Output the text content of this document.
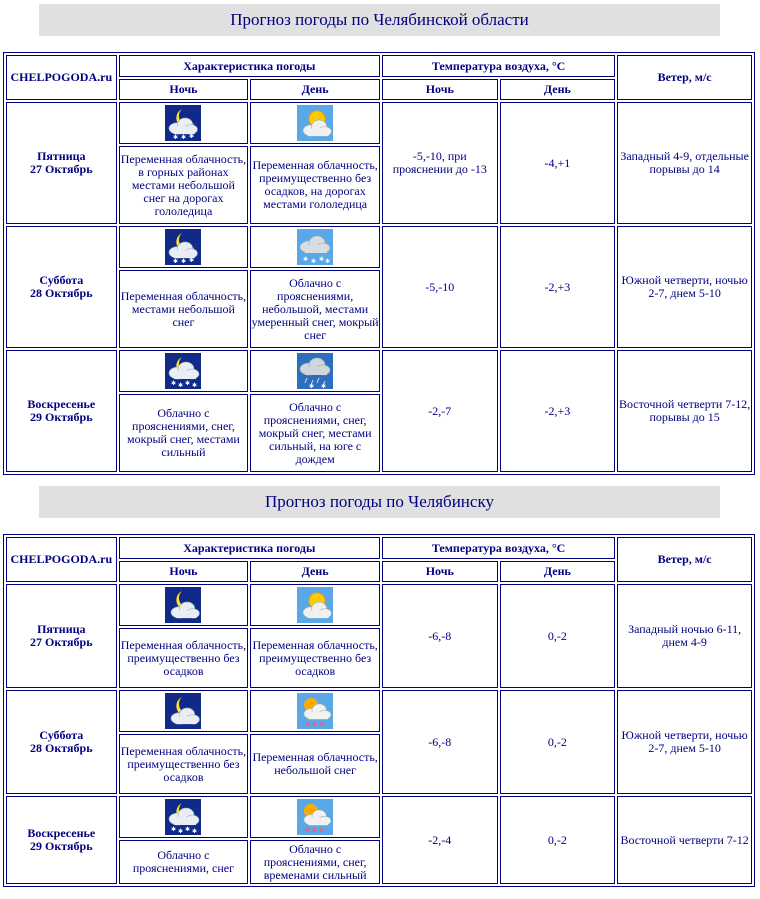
Прогноз погоды по Челябинской области
CHELPOGODA.ru	Характеристика погоды		Температура воздуха, °C		Ветер, м/с
	Ночь	День	Ночь	День	
Пятница
27 Октябрь	✱ ✱ ✱		-5,-10, при прояснении до -13	-4,+1	Западный 4-9, отдельные порывы до 14
	Переменная облачность, в горных районах местами небольшой снег на дорогах гололедица	Переменная облачность, преимущественно без осадков, на дорогах местами гололедица			
Суббота
28 Октябрь	✱ ✱ ✱	✱ ✱ ✱ ✱	-5,-10	-2,+3	Южной четверти, ночью 2-7, днем 5-10
	Переменная облачность, местами небольшой снег	Облачно с прояснениями, небольшой, местами умеренный снег, мокрый снег			
Воскресенье
29 Октябрь	✱ ✱ ✱ ✱	✱ ✱	-2,-7	-2,+3	Восточной четверти 7-12, порывы до 15
	Облачно с прояснениями, снег, мокрый снег, местами сильный	Облачно с прояснениями, снег, мокрый снег, местами сильный, на юге с дождем			
Прогноз погоды по Челябинску
CHELPOGODA.ru	Характеристика погоды		Температура воздуха, °C		Ветер, м/с
	Ночь	День	Ночь	День	
Пятница
27 Октябрь			-6,-8	0,-2	Западный ночью 6-11, днем 4-9
	Переменная облачность, преимущественно без осадков	Переменная облачность, преимущественно без осадков			
Суббота
28 Октябрь		✱ ✱ ✱	-6,-8	0,-2	Южной четверти, ночью 2-7, днем 5-10
	Переменная облачность, преимущественно без осадков	Переменная облачность, небольшой снег			
Воскресенье
29 Октябрь	✱ ✱ ✱ ✱	✱ ✱ ✱	-2,-4	0,-2	Восточной четверти 7-12
	Облачно с прояснениями, снег	Облачно с прояснениями, снег, временами сильный			
